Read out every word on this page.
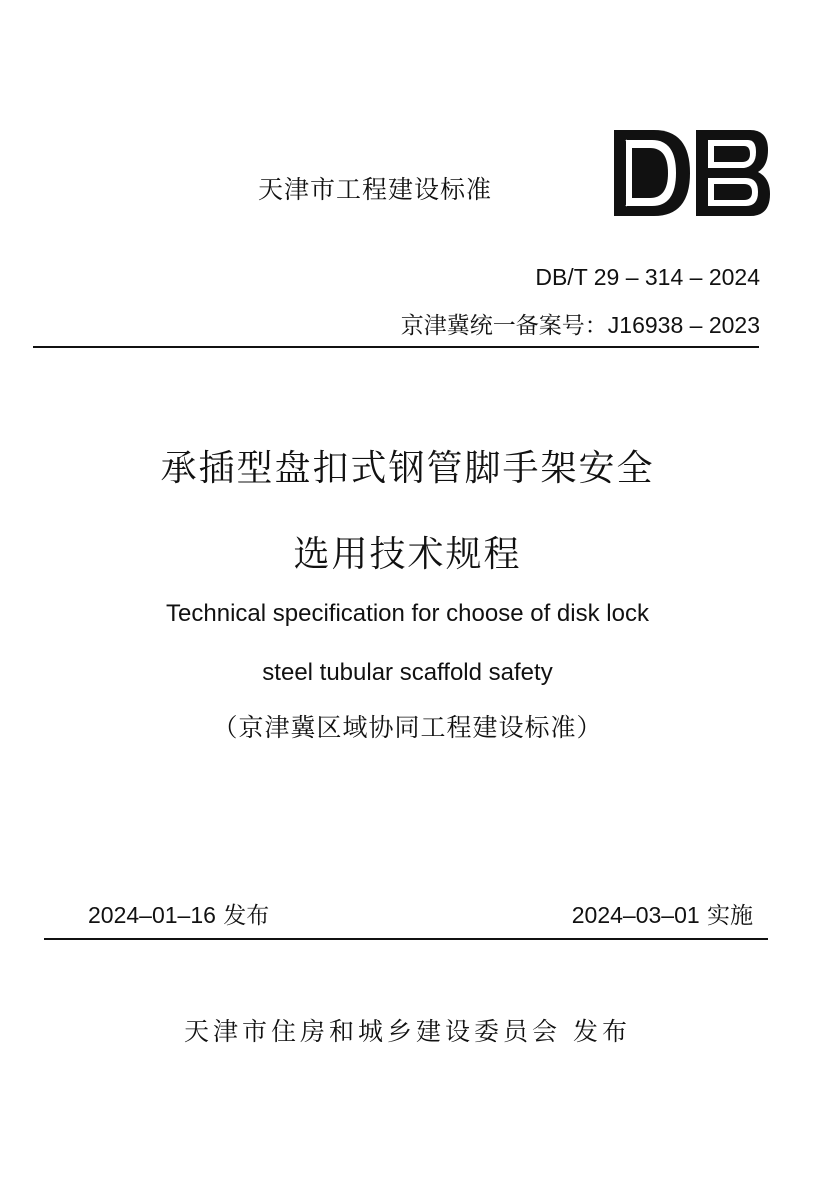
天津市工程建设标准
DB/T 29 – 314 – 2024
京津冀统一备案号：J16938 – 2023
承插型盘扣式钢管脚手架安全
选用技术规程
Technical specification for choose of disk lock
steel tubular scaffold safety
（京津冀区域协同工程建设标准）
2024–01–16 发布	2024–03–01 实施
天津市住房和城乡建设委员会 发布
